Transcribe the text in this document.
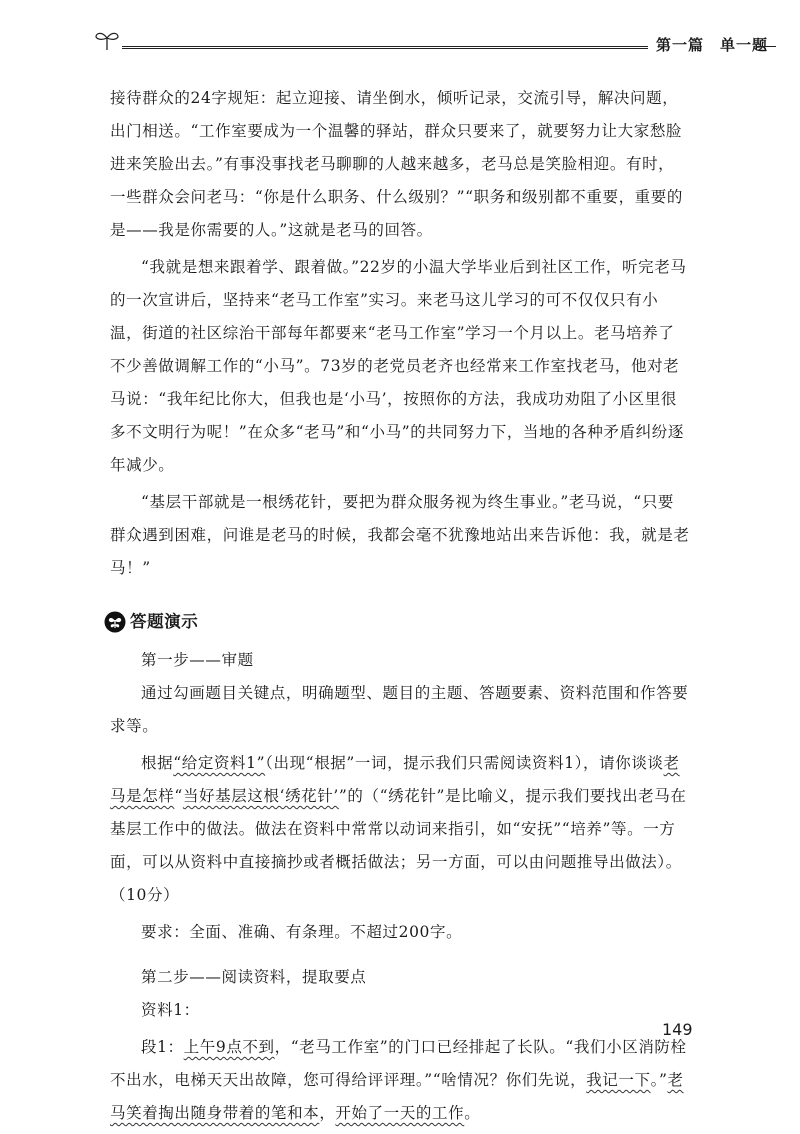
第一篇　单一题

接待群众的24字规矩：起立迎接、请坐倒水，倾听记录，交流引导，解决问题，出门相送。“工作室要成为一个温馨的驿站，群众只要来了，就要努力让大家愁脸进来笑脸出去。”有事没事找老马聊聊的人越来越多，老马总是笑脸相迎。有时，一些群众会问老马：“你是什么职务、什么级别？”“职务和级别都不重要，重要的是——我是你需要的人。”这就是老马的回答。

“我就是想来跟着学、跟着做。”22岁的小温大学毕业后到社区工作，听完老马的一次宣讲后，坚持来“老马工作室”实习。来老马这儿学习的可不仅仅只有小温，街道的社区综治干部每年都要来“老马工作室”学习一个月以上。老马培养了不少善做调解工作的“小马”。73岁的老党员老齐也经常来工作室找老马，他对老马说：“我年纪比你大，但我也是‘小马’，按照你的方法，我成功劝阻了小区里很多不文明行为呢！”在众多“老马”和“小马”的共同努力下，当地的各种矛盾纠纷逐年减少。

“基层干部就是一根绣花针，要把为群众服务视为终生事业。”老马说，“只要群众遇到困难，问谁是老马的时候，我都会毫不犹豫地站出来告诉他：我，就是老马！”

答题演示

第一步——审题

通过勾画题目关键点，明确题型、题目的主题、答题要素、资料范围和作答要求等。

根据“给定资料1”（出现“根据”一词，提示我们只需阅读资料1），请你谈谈老马是怎样“当好基层这根‘绣花针’”的（“绣花针”是比喻义，提示我们要找出老马在基层工作中的做法。做法在资料中常常以动词来指引，如“安抚”“培养”等。一方面，可以从资料中直接摘抄或者概括做法；另一方面，可以由问题推导出做法）。（10分）

要求：全面、准确、有条理。不超过200字。

第二步——阅读资料，提取要点

资料1：

段1：上午9点不到，“老马工作室”的门口已经排起了长队。“我们小区消防栓不出水，电梯天天出故障，您可得给评评理。”“啥情况？你们先说，我记一下。”老马笑着掏出随身带着的笔和本，开始了一天的工作。

149
